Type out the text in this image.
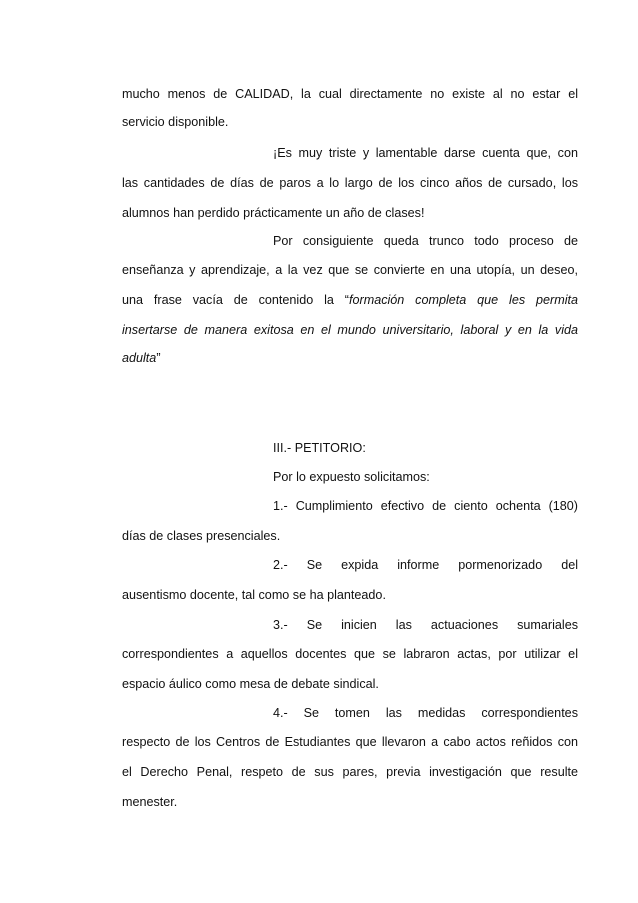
mucho menos de CALIDAD, la cual directamente no existe al no estar el
servicio disponible.
¡Es muy triste y lamentable darse cuenta que, con
las cantidades de días de paros a lo largo de los cinco años de cursado, los
alumnos han perdido prácticamente un año de clases!
Por consiguiente queda trunco todo proceso de
enseñanza y aprendizaje, a la vez que se convierte en una utopía, un deseo,
una frase vacía de contenido la “formación completa que les permita
insertarse de manera exitosa en el mundo universitario, laboral y en la vida
adulta”
III.- PETITORIO:
Por lo expuesto solicitamos:
1.- Cumplimiento efectivo de ciento ochenta (180)
días de clases presenciales.
2.- Se expida informe pormenorizado del
ausentismo docente, tal como se ha planteado.
3.- Se inicien las actuaciones sumariales
correspondientes a aquellos docentes que se labraron actas, por utilizar el
espacio áulico como mesa de debate sindical.
4.- Se tomen las medidas correspondientes
respecto de los Centros de Estudiantes que llevaron a cabo actos reñidos con
el Derecho Penal, respeto de sus pares, previa investigación que resulte
menester.
